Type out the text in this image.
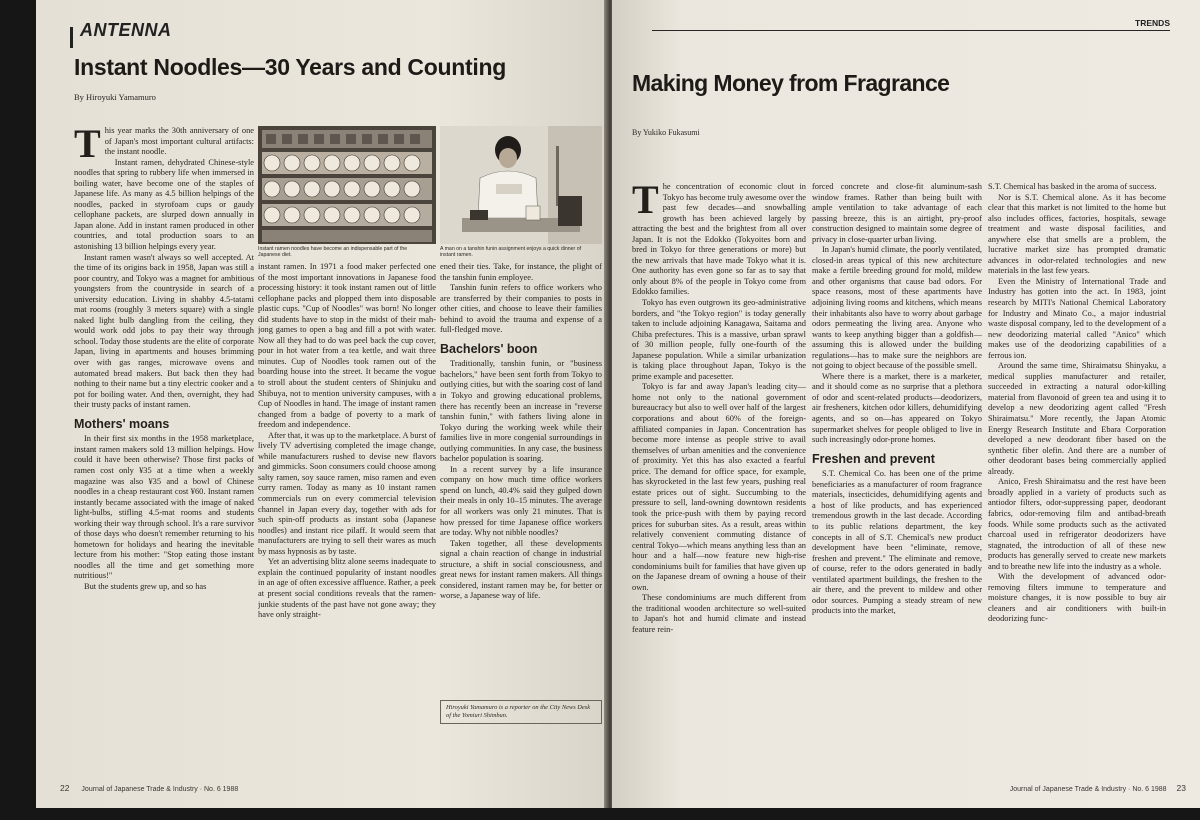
ANTENNA
Instant Noodles—30 Years and Counting
By Hiroyuki Yamamuro
T his year marks the 30th anniversary of one of Japan's most important cultural artifacts: the instant noodle.

Instant ramen, dehydrated Chinese-style noodles that spring to rubbery life when immersed in boiling water, have become one of the staples of Japanese life. As many as 4.5 billion helpings of the noodles, packed in styrofoam cups or gaudy cellophane packets, are slurped down annually in Japan alone. Add in instant ramen produced in other countries, and total production soars to an astonishing 13 billion helpings every year.

Instant ramen wasn't always so well accepted. At the time of its origins back in 1958, Japan was still a poor country, and Tokyo was a magnet for ambitious youngsters from the countryside in search of a university education. Living in shabby 4.5-tatami mat rooms (roughly 3 meters square) with a single naked light bulb dangling from the ceiling, they would work odd jobs to pay their way through school. Today those students are the elite of corporate Japan, living in apartments and houses brimming over with gas ranges, microwave ovens and automated bread makers. But back then they had nothing to their name but a tiny electric cooker and a pot for boiling water. And then, overnight, they had their trusty packs of instant ramen.

Mothers' moans

In their first six months in the 1958 marketplace, instant ramen makers sold 13 million helpings. How could it have been otherwise? Those first packs of ramen cost only ¥35 at a time when a weekly magazine was also ¥35 and a bowl of Chinese noodles in a cheap restaurant cost ¥60. Instant ramen instantly became associated with the image of naked light-bulbs, stifling 4.5-mat rooms and students working their way through school. It's a rare survivor of those days who doesn't remember returning to his hometown for holidays and hearing the inevitable lecture from his mother: "Stop eating those instant noodles all the time and get something more nutritious!"

But the students grew up, and so has

Instant ramen noodles have become an indispensable part of the Japanese diet.
A man on a tanshin funin assignment enjoys a quick dinner of instant ramen.

instant ramen. In 1971 a food maker perfected one of the most important innovations in Japanese food processing history: it took instant ramen out of little cellophane packs and plopped them into disposable plastic cups. "Cup of Noodles" was born! No longer did students have to stop in the midst of their mah-jong games to open a bag and fill a pot with water. Now all they had to do was peel back the cup cover, pour in hot water from a tea kettle, and wait three minutes. Cup of Noodles took ramen out of the boarding house into the street. It became the vogue to stroll about the student centers of Shinjuku and Shibuya, not to mention university campuses, with a Cup of Noodles in hand. The image of instant ramen changed from a badge of poverty to a mark of freedom and independence.

After that, it was up to the marketplace. A burst of lively TV advertising completed the image change, while manufacturers rushed to devise new flavors and gimmicks. Soon consumers could choose among salty ramen, soy sauce ramen, miso ramen and even curry ramen. Today as many as 10 instant ramen commercials run on every commercial television channel in Japan every day, together with ads for such spin-off products as instant soba (Japanese noodles) and instant rice pilaff. It would seem that manufacturers are trying to sell their wares as much by mass hypnosis as by taste.

Yet an advertising blitz alone seems inadequate to explain the continued popularity of instant noodles in an age of often excessive affluence. Rather, a peek at present social conditions reveals that the ramen-junkie students of the past have not gone away; they have only straight-

ened their ties. Take, for instance, the plight of the tanshin funin employee.

Tanshin funin refers to office workers who are transferred by their companies to posts in other cities, and choose to leave their families behind to avoid the trauma and expense of a full-fledged move.

Bachelors' boon

Traditionally, tanshin funin, or "business bachelors," have been sent forth from Tokyo to outlying cities, but with the soaring cost of land in Tokyo and growing educational problems, there has recently been an increase in "reverse tanshin funin," with fathers living alone in Tokyo during the working week while their families live in more congenial surroundings in outlying communities. In any case, the business bachelor population is soaring.

In a recent survey by a life insurance company on how much time office workers spend on lunch, 40.4% said they gulped down their meals in only 10–15 minutes. The average for all workers was only 21 minutes. That is how pressed for time Japanese office workers are today. Why not nibble noodles?

Taken together, all these developments signal a chain reaction of change in industrial structure, a shift in social consciousness, and great news for instant ramen makers. All things considered, instant ramen may be, for better or worse, a Japanese way of life.

Hiroyuki Yamamuro is a reporter on the City News Desk of the Yomiuri Shimbun.
22 Journal of Japanese Trade & Industry · No. 6 1988
TRENDS
Making Money from Fragrance
By Yukiko Fukasumi
T he concentration of economic clout in Tokyo has become truly awesome over the past few decades—and snowballing growth has been achieved largely by attracting the best and the brightest from all over Japan. It is not the Edokko (Tokyoites born and bred in Tokyo for three generations or more) but the new arrivals that have made Tokyo what it is. One authority has even gone so far as to say that only about 8% of the people in Tokyo come from Edokko families.

Tokyo has even outgrown its geo-administrative borders, and "the Tokyo region" is today generally taken to include adjoining Kanagawa, Saitama and Chiba prefectures. This is a massive, urban sprawl of 30 million people, fully one-fourth of the Japanese population. While a similar urbanization is taking place throughout Japan, Tokyo is the prime example and pacesetter.

Tokyo is far and away Japan's leading city—home not only to the national government bureaucracy but also to well over half of the largest corporations and about 60% of the foreign-affiliated companies in Japan. Concentration has become more intense as people strive to avail themselves of urban amenities and the convenience of proximity. Yet this has also exacted a fearful price. The demand for office space, for example, has skyrocketed in the last few years, pushing real estate prices out of sight. Succumbing to the pressure to sell, land-owning downtown residents took the price-push with them by paying record prices for suburban sites. As a result, areas within relatively convenient commuting distance of central Tokyo—which means anything less than an hour and a half—now feature new high-rise condominiums built for families that have given up on the Japanese dream of owning a house of their own.

These condominiums are much different from the traditional wooden architecture so well-suited to Japan's hot and humid climate and instead feature rein-

forced concrete and close-fit aluminum-sash window frames. Rather than being built with ample ventilation to take advantage of each passing breeze, this is an airtight, pry-proof construction designed to maintain some degree of privacy in close-quarter urban living.

In Japan's humid climate, the poorly ventilated, closed-in areas typical of this new architecture make a fertile breeding ground for mold, mildew and other organisms that cause bad odors. For space reasons, most of these apartments have adjoining living rooms and kitchens, which means their inhabitants also have to worry about garbage odors permeating the living area. Anyone who wants to keep anything bigger than a goldfish—assuming this is allowed under the building regulations—has to make sure the neighbors are not going to object because of the possible smell.

Where there is a market, there is a marketer, and it should come as no surprise that a plethora of odor and scent-related products—deodorizers, air fresheners, kitchen odor killers, dehumidifying agents, and so on—has appeared on Tokyo supermarket shelves for people obliged to live in such increasingly odor-prone homes.

Freshen and prevent

S.T. Chemical Co. has been one of the prime beneficiaries as a manufacturer of room fragrance materials, insecticides, dehumidifying agents and a host of like products, and has experienced tremendous growth in the last decade. According to its public relations department, the key concepts in all of S.T. Chemical's new product development have been "eliminate, remove, freshen and prevent." The eliminate and remove, of course, refer to the odors generated in badly ventilated apartment buildings, the freshen to the air there, and the prevent to mildew and other odor sources. Pumping a steady stream of new products into the market,

S.T. Chemical has basked in the aroma of success.

Nor is S.T. Chemical alone. As it has become clear that this market is not limited to the home but also includes offices, factories, hospitals, sewage treatment and waste disposal facilities, and anywhere else that smells are a problem, the lucrative market size has prompted dramatic advances in odor-related technologies and new materials in the last few years.

Even the Ministry of International Trade and Industry has gotten into the act. In 1983, joint research by MITI's National Chemical Laboratory for Industry and Minato Co., a major industrial waste disposal company, led to the development of a new deodorizing material called "Anico" which makes use of the deodorizing capabilities of a ferrous ion.

Around the same time, Shiraimatsu Shinyaku, a medical supplies manufacturer and retailer, succeeded in extracting a natural odor-killing material from flavonoid of green tea and using it to develop a new deodorizing agent called "Fresh Shiraimatsu." More recently, the Japan Atomic Energy Research Institute and Ebara Corporation developed a new deodorant fiber based on the synthetic fiber olefin. And there are a number of other deodorant bases being commercially applied already.

Anico, Fresh Shiraimatsu and the rest have been broadly applied in a variety of products such as antiodor filters, odor-suppressing paper, deodorant fabrics, odor-removing film and antibad-breath foods. While some products such as the activated charcoal used in refrigerator deodorizers have stagnated, the introduction of all of these new products has generally served to create new markets and to breathe new life into the industry as a whole.

With the development of advanced odor-removing filters immune to temperature and moisture changes, it is now possible to buy air cleaners and air conditioners with built-in deodorizing func-

Journal of Japanese Trade & Industry · No. 6 1988 23
